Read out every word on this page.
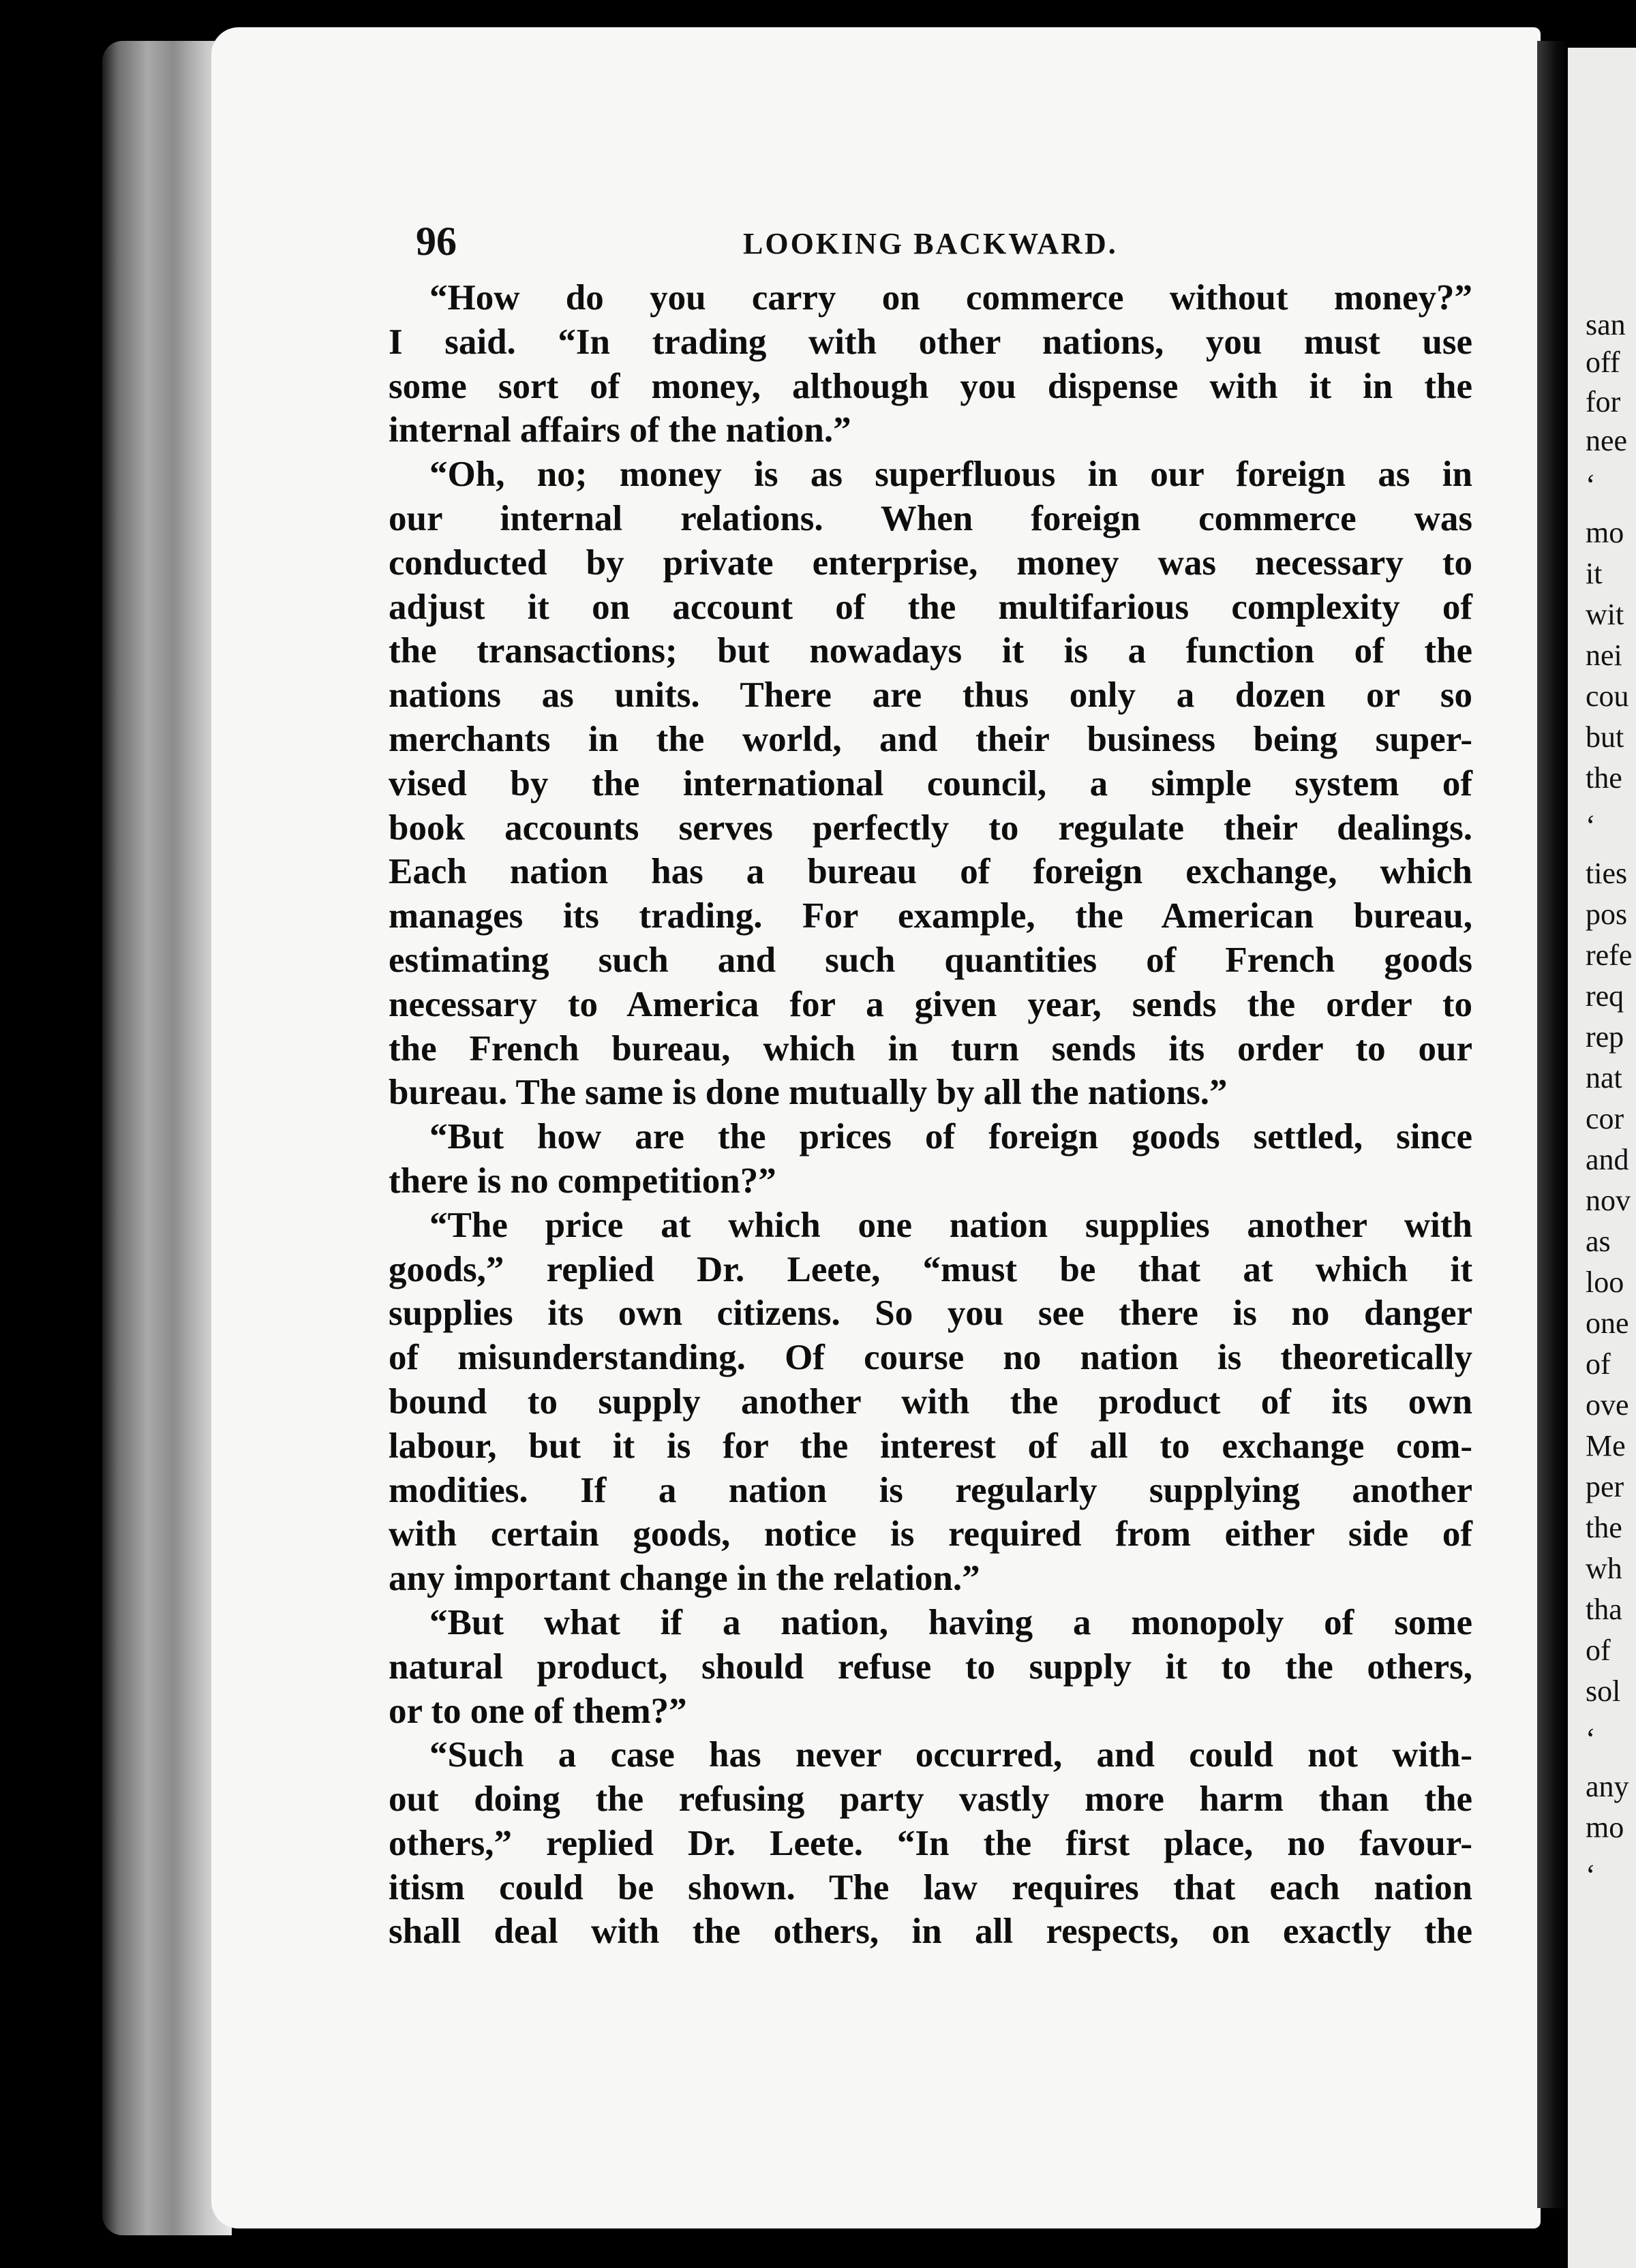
96	LOOKING BACKWARD.
“How do you carry on commerce without money?”
I said. “In trading with other nations, you must use
some sort of money, although you dispense with it in the
internal affairs of the nation.”
“Oh, no; money is as superfluous in our foreign as in
our internal relations. When foreign commerce was
conducted by private enterprise, money was necessary to
adjust it on account of the multifarious complexity of
the transactions; but nowadays it is a function of the
nations as units. There are thus only a dozen or so
merchants in the world, and their business being super-
vised by the international council, a simple system of
book accounts serves perfectly to regulate their dealings.
Each nation has a bureau of foreign exchange, which
manages its trading. For example, the American bureau,
estimating such and such quantities of French goods
necessary to America for a given year, sends the order to
the French bureau, which in turn sends its order to our
bureau. The same is done mutually by all the nations.”
“But how are the prices of foreign goods settled, since
there is no competition?”
“The price at which one nation supplies another with
goods,” replied Dr. Leete, “must be that at which it
supplies its own citizens. So you see there is no danger
of misunderstanding. Of course no nation is theoretically
bound to supply another with the product of its own
labour, but it is for the interest of all to exchange com-
modities. If a nation is regularly supplying another
with certain goods, notice is required from either side of
any important change in the relation.”
“But what if a nation, having a monopoly of some
natural product, should refuse to supply it to the others,
or to one of them?”
“Such a case has never occurred, and could not with-
out doing the refusing party vastly more harm than the
others,” replied Dr. Leete. “In the first place, no favour-
itism could be shown. The law requires that each nation
shall deal with the others, in all respects, on exactly the
san
off
for
nee
‘
mo
it
wit
nei
cou
but
the
‘
ties
pos
refe
req
rep
nat
cor
and
nov
as
loo
one
of
ove
Me
per
the
wh
tha
of
sol
‘
any
mo
‘
